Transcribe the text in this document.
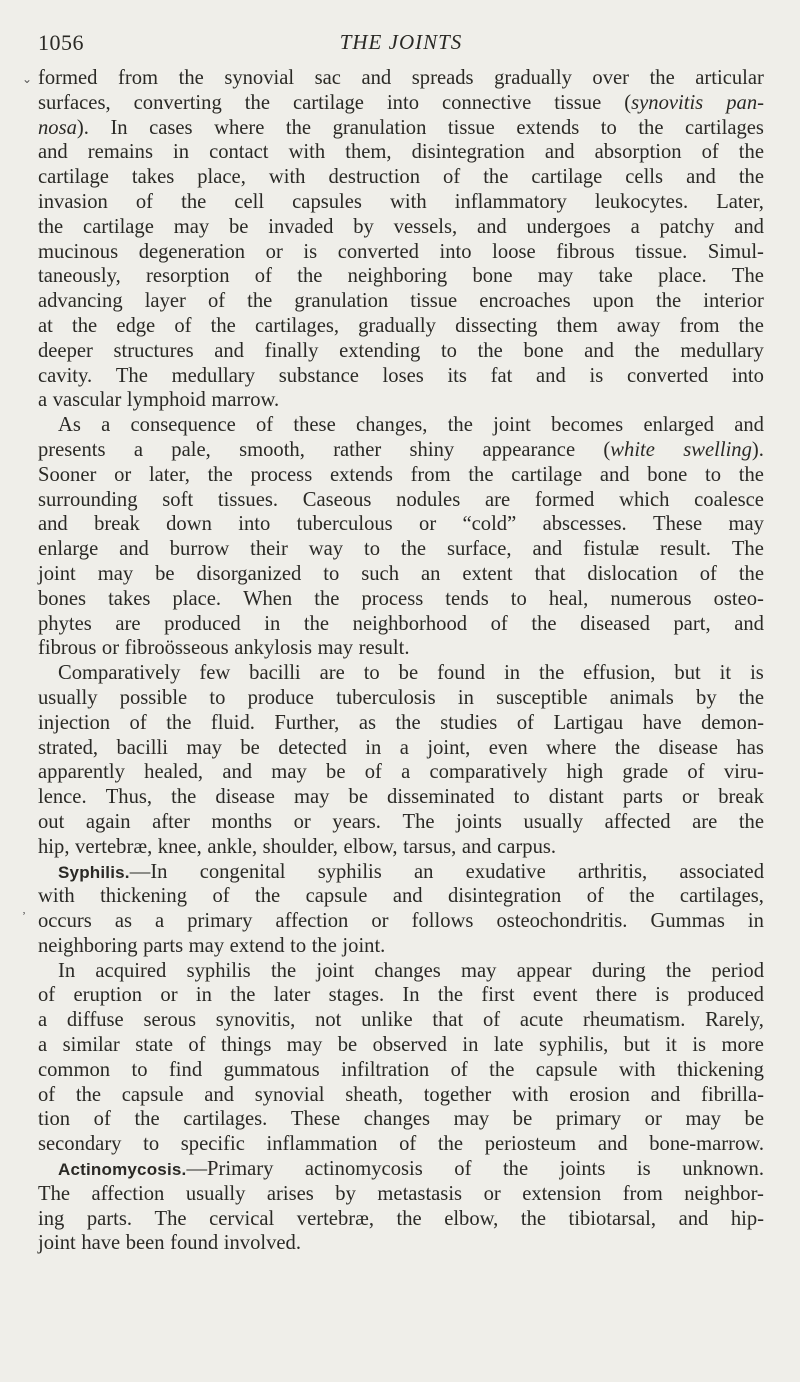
1056	THE JOINTS
⌄
‚
formed from the synovial sac and spreads gradually over the articular
surfaces, converting the cartilage into connective tissue (synovitis pan-
nosa). In cases where the granulation tissue extends to the cartilages
and remains in contact with them, disintegration and absorption of the
cartilage takes place, with destruction of the cartilage cells and the
invasion of the cell capsules with inflammatory leukocytes. Later,
the cartilage may be invaded by vessels, and undergoes a patchy and
mucinous degeneration or is converted into loose fibrous tissue. Simul-
taneously, resorption of the neighboring bone may take place. The
advancing layer of the granulation tissue encroaches upon the interior
at the edge of the cartilages, gradually dissecting them away from the
deeper structures and finally extending to the bone and the medullary
cavity. The medullary substance loses its fat and is converted into
a vascular lymphoid marrow.
As a consequence of these changes, the joint becomes enlarged and
presents a pale, smooth, rather shiny appearance (white swelling).
Sooner or later, the process extends from the cartilage and bone to the
surrounding soft tissues. Caseous nodules are formed which coalesce
and break down into tuberculous or “cold” abscesses. These may
enlarge and burrow their way to the surface, and fistulæ result. The
joint may be disorganized to such an extent that dislocation of the
bones takes place. When the process tends to heal, numerous osteo-
phytes are produced in the neighborhood of the diseased part, and
fibrous or fibroösseous ankylosis may result.
Comparatively few bacilli are to be found in the effusion, but it is
usually possible to produce tuberculosis in susceptible animals by the
injection of the fluid. Further, as the studies of Lartigau have demon-
strated, bacilli may be detected in a joint, even where the disease has
apparently healed, and may be of a comparatively high grade of viru-
lence. Thus, the disease may be disseminated to distant parts or break
out again after months or years. The joints usually affected are the
hip, vertebræ, knee, ankle, shoulder, elbow, tarsus, and carpus.
Syphilis.—In congenital syphilis an exudative arthritis, associated
with thickening of the capsule and disintegration of the cartilages,
occurs as a primary affection or follows osteochondritis. Gummas in
neighboring parts may extend to the joint.
In acquired syphilis the joint changes may appear during the period
of eruption or in the later stages. In the first event there is produced
a diffuse serous synovitis, not unlike that of acute rheumatism. Rarely,
a similar state of things may be observed in late syphilis, but it is more
common to find gummatous infiltration of the capsule with thickening
of the capsule and synovial sheath, together with erosion and fibrilla-
tion of the cartilages. These changes may be primary or may be
secondary to specific inflammation of the periosteum and bone-marrow.
Actinomycosis.—Primary actinomycosis of the joints is unknown.
The affection usually arises by metastasis or extension from neighbor-
ing parts. The cervical vertebræ, the elbow, the tibiotarsal, and hip-
joint have been found involved.
